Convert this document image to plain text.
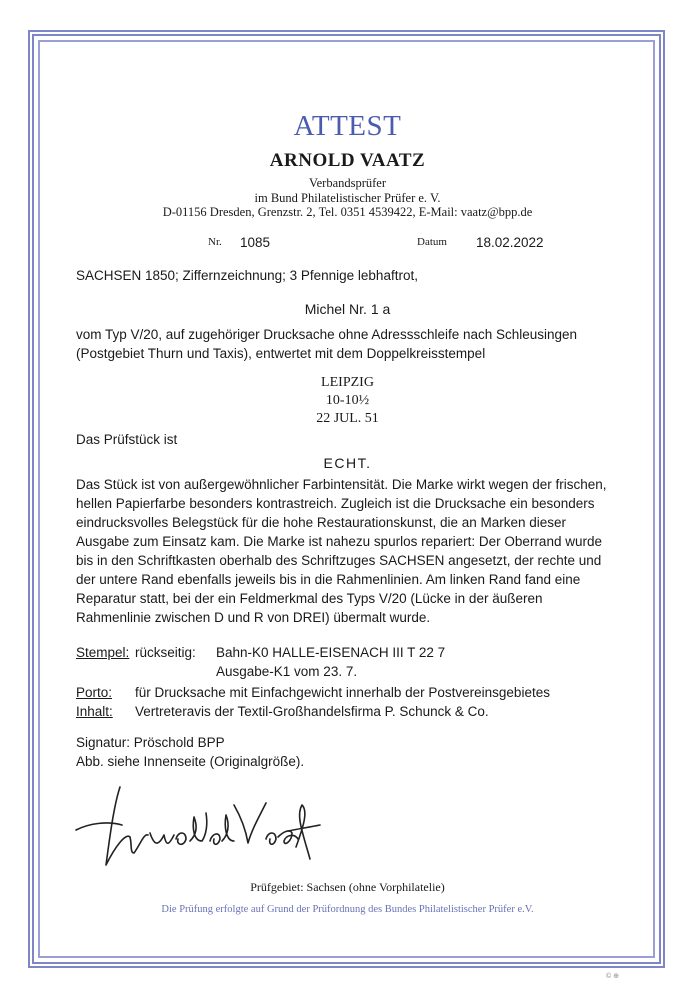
ATTEST
ARNOLD VAATZ
Verbandsprüfer
im Bund Philatelistischer Prüfer e. V.
D-01156 Dresden, Grenzstr. 2, Tel. 0351 4539422, E-Mail: vaatz@bpp.de
Nr. 1085	Datum 18.02.2022
SACHSEN 1850; Ziffernzeichnung; 3 Pfennige lebhaftrot,
Michel Nr. 1 a
vom Typ V/20, auf zugehöriger Drucksache ohne Adressschleife nach Schleusingen
(Postgebiet Thurn und Taxis), entwertet mit dem Doppelkreisstempel
LEIPZIG
10-10½
22 JUL. 51
Das Prüfstück ist
ECHT.
Das Stück ist von außergewöhnlicher Farbintensität. Die Marke wirkt wegen der frischen,
hellen Papierfarbe besonders kontrastreich. Zugleich ist die Drucksache ein besonders
eindrucksvolles Belegstück für die hohe Restaurationskunst, die an Marken dieser
Ausgabe zum Einsatz kam. Die Marke ist nahezu spurlos repariert: Der Oberrand wurde
bis in den Schriftkasten oberhalb des Schriftzuges SACHSEN angesetzt, der rechte und
der untere Rand ebenfalls jeweils bis in die Rahmenlinien. Am linken Rand fand eine
Reparatur statt, bei der ein Feldmerkmal des Typs V/20 (Lücke in der äußeren
Rahmenlinie zwischen D und R von DREI) übermalt wurde.
Stempel: rückseitig: Bahn-K0 HALLE-EISENACH III T 22 7
Ausgabe-K1 vom 23. 7.
Porto: für Drucksache mit Einfachgewicht innerhalb der Postvereinsgebietes
Inhalt: Vertreteravis der Textil-Großhandelsfirma P. Schunck & Co.
Signatur: Pröschold BPP
Abb. siehe Innenseite (Originalgröße).
Prüfgebiet: Sachsen (ohne Vorphilatelie)
Die Prüfung erfolgte auf Grund der Prüfordnung des Bundes Philatelistischer Prüfer e.V.
© ⊕
